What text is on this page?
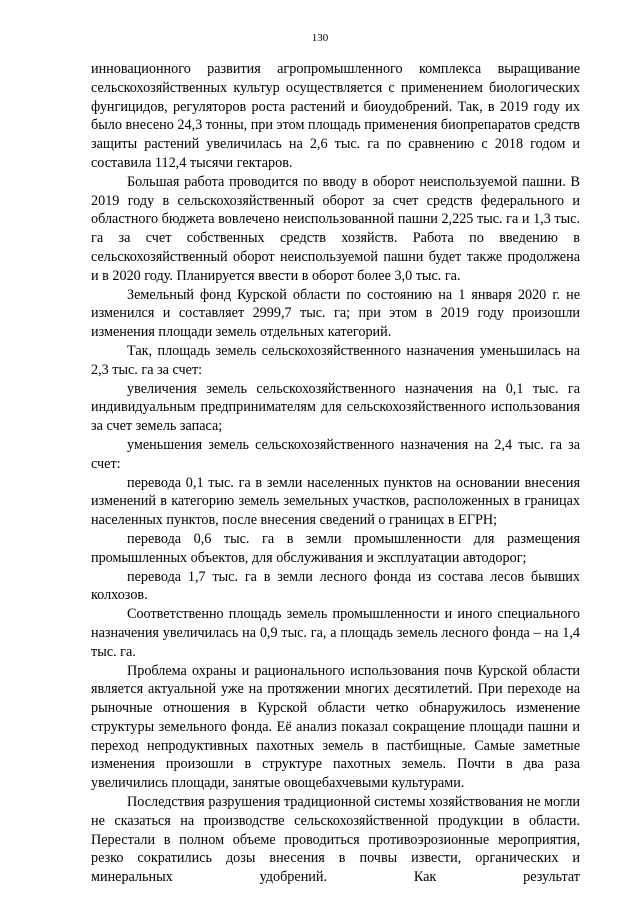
130

инновационного развития агропромышленного комплекса выращивание сельскохозяйственных культур осуществляется с применением биологических фунгицидов, регуляторов роста растений и биоудобрений. Так, в 2019 году их было внесено 24,3 тонны, при этом площадь применения биопрепаратов средств защиты растений увеличилась на 2,6 тыс. га по сравнению с 2018 годом и составила 112,4 тысячи гектаров.

Большая работа проводится по вводу в оборот неиспользуемой пашни. В 2019 году в сельскохозяйственный оборот за счет средств федерального и областного бюджета вовлечено неиспользованной пашни 2,225 тыс. га и 1,3 тыс. га за счет собственных средств хозяйств. Работа по введению в сельскохозяйственный оборот неиспользуемой пашни будет также продолжена и в 2020 году. Планируется ввести в оборот более 3,0 тыс. га.

Земельный фонд Курской области по состоянию на 1 января 2020 г. не изменился и составляет 2999,7 тыс. га; при этом в 2019 году произошли изменения площади земель отдельных категорий.

Так, площадь земель сельскохозяйственного назначения уменьшилась на 2,3 тыс. га за счет:

увеличения земель сельскохозяйственного назначения на 0,1 тыс. га индивидуальным предпринимателям для сельскохозяйственного использования за счет земель запаса;

уменьшения земель сельскохозяйственного назначения на 2,4 тыс. га за счет:

перевода 0,1 тыс. га в земли населенных пунктов на основании внесения изменений в категорию земель земельных участков, расположенных в границах населенных пунктов, после внесения сведений о границах в ЕГРН;

перевода 0,6 тыс. га в земли промышленности для размещения промышленных объектов, для обслуживания и эксплуатации автодорог;

перевода 1,7 тыс. га в земли лесного фонда из состава лесов бывших колхозов.

Соответственно площадь земель промышленности и иного специального назначения увеличилась на 0,9 тыс. га, а площадь земель лесного фонда – на 1,4 тыс. га.

Проблема охраны и рационального использования почв Курской области является актуальной уже на протяжении многих десятилетий. При переходе на рыночные отношения в Курской области четко обнаружилось изменение структуры земельного фонда. Её анализ показал сокращение площади пашни и переход непродуктивных пахотных земель в пастбищные. Самые заметные изменения произошли в структуре пахотных земель. Почти в два раза увеличились площади, занятые овощебахчевыми культурами.

Последствия разрушения традиционной системы хозяйствования не могли не сказаться на производстве сельскохозяйственной продукции в области. Перестали в полном объеме проводиться противоэрозионные мероприятия, резко сократились дозы внесения в почвы извести, органических и минеральных удобрений. Как результат
